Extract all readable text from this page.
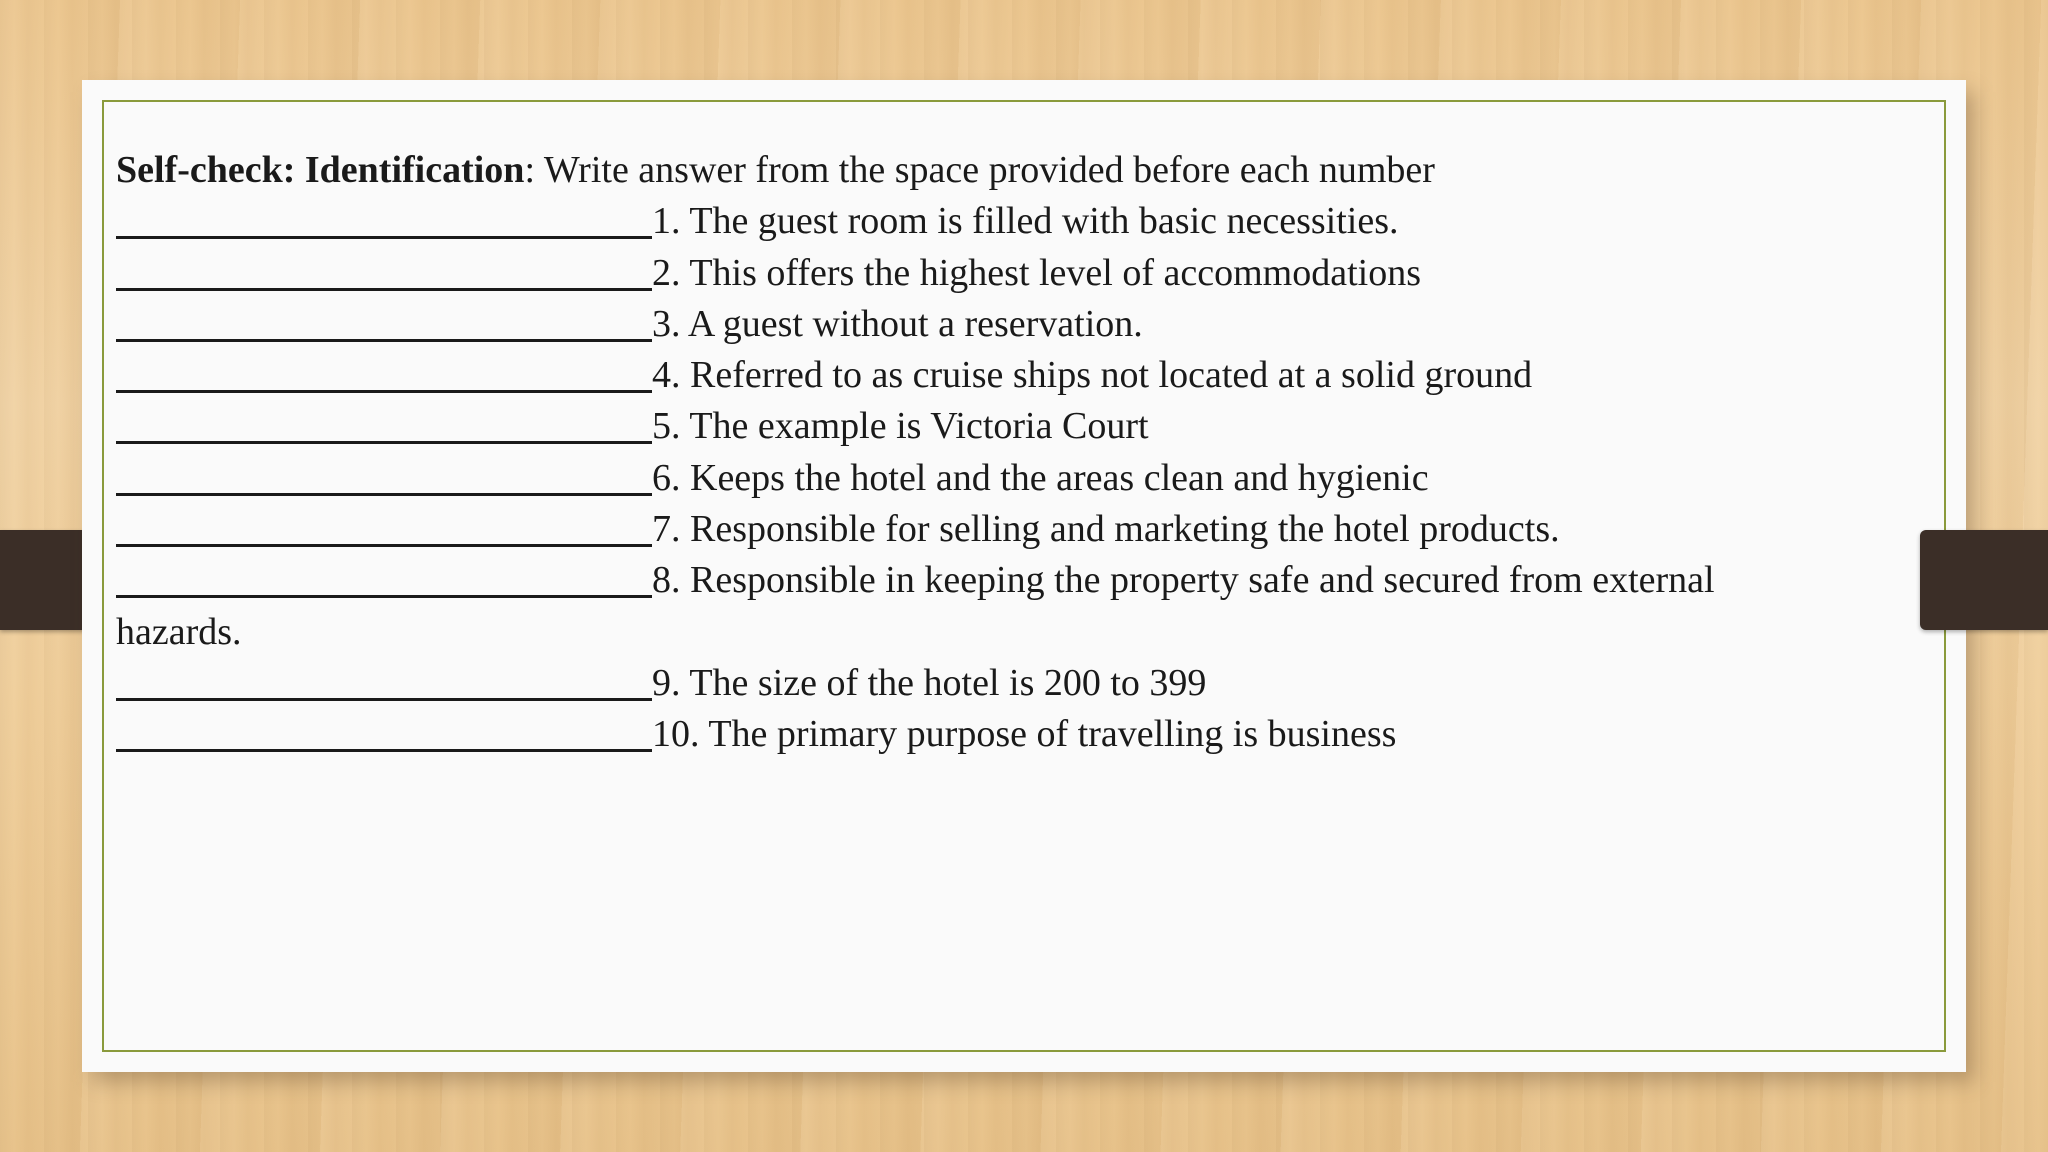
Self-check: Identification: Write answer from the space provided before each number
1. The guest room is filled with basic necessities.
2. This offers the highest level of accommodations
3. A guest without a reservation.
4. Referred to as cruise ships not located at a solid ground
5. The example is Victoria Court
6. Keeps the hotel and the areas clean and hygienic
7. Responsible for selling and marketing the hotel products.
8. Responsible in keeping the property safe and secured from external
hazards.
9. The size of the hotel is 200 to 399
10. The primary purpose of travelling is business
